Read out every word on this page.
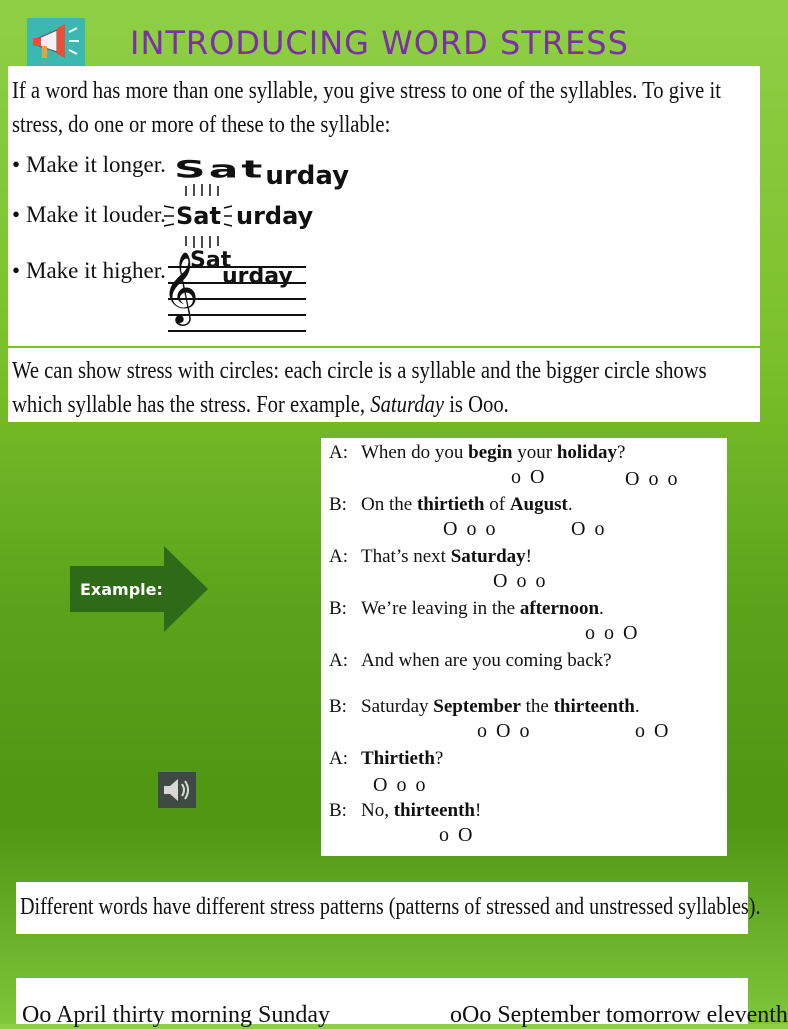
INTRODUCING WORD STRESS
If a word has more than one syllable, you give stress to one of the syllables. To give it stress, do one or more of these to the syllable:
• Make it longer. Saturday
• Make it louder. Sat urday
• Make it higher.
𝄞
Sat
urday
We can show stress with circles: each circle is a syllable and the bigger circle shows which syllable has the stress. For example, Saturday is Ooo.
Example:
A: When do you begin your holiday?
o O	O o o
B: On the thirtieth of August.
O o o	O o
A: That’s next Saturday!
O o o
B: We’re leaving in the afternoon.
o o O
A: And when are you coming back?
B: Saturday September the thirteenth.
o O o	o O
A: Thirtieth?
O o o
B: No, thirteenth!
o O
Different words have different stress patterns (patterns of stressed and unstressed syllables).
Oo April thirty morning Sunday	oOo September tomorrow eleventh
